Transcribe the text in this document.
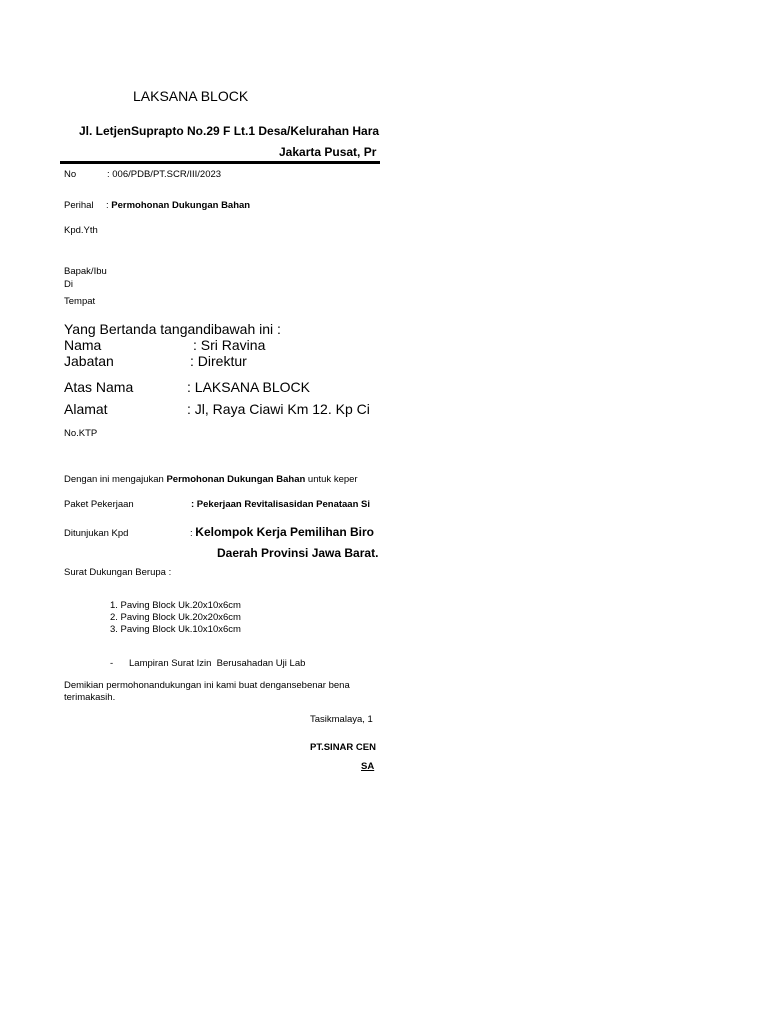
LAKSANA BLOCK
Jl. LetjenSuprapto No.29 F Lt.1 Desa/Kelurahan Hara
Jakarta Pusat, Pr
No	: 006/PDB/PT.SCR/III/2023
Perihal : Permohonan Dukungan Bahan
Kpd.Yth
Bapak/Ibu
Di
Tempat
Yang Bertanda tangandibawah ini :
Nama	: Sri Ravina
Jabatan	: Direktur
Atas Nama	: LAKSANA BLOCK
Alamat	: Jl, Raya Ciawi Km 12. Kp Ci
No.KTP
Dengan ini mengajukan Permohonan Dukungan Bahan untuk keper
Paket Pekerjaan	: Pekerjaan Revitalisasidan Penataan Si
Ditunjukan Kpd	: Kelompok Kerja Pemilihan Biro
Daerah Provinsi Jawa Barat.
Surat Dukungan Berupa :
1. Paving Block Uk.20x10x6cm
2. Paving Block Uk.20x20x6cm
3. Paving Block Uk.10x10x6cm
-      Lampiran Surat Izin  Berusahadan Uji Lab
Demikian permohonandukungan ini kami buat dengansebenar bena
terimakasih.
Tasikmalaya, 1
PT.SINAR CEN
SA
